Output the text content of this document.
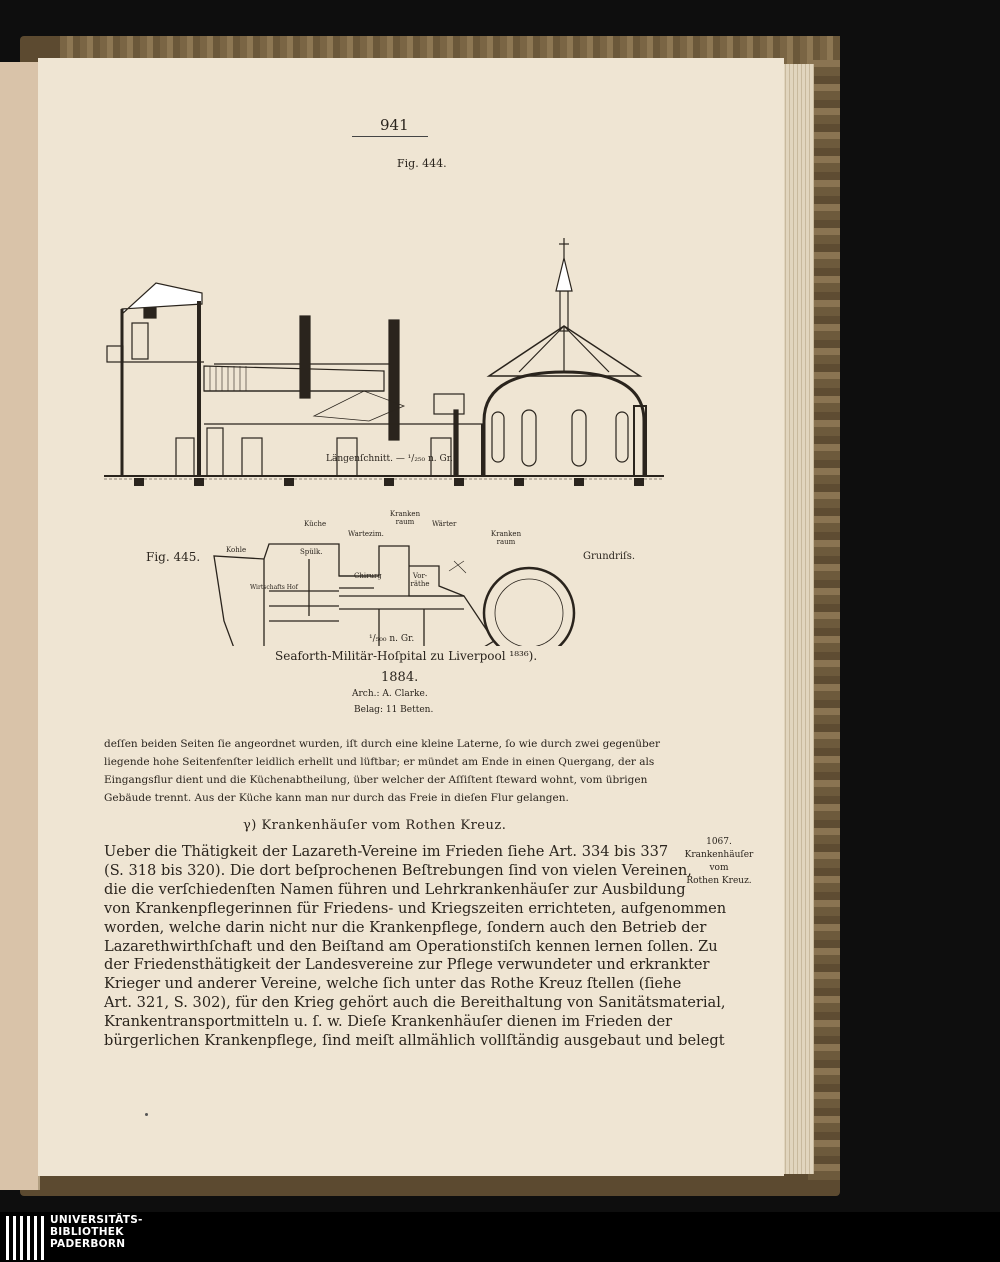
941
Fig. 444.
Längenſchnitt. — ¹/₂₅₀ n. Gr.
Küche
Kohle	Spülk.
Wirtschafts Hof
Kranken raum	Wärter
Wartezim.
Chirurg	Vor- räthe
Kranken raum
Fig. 445.	Grundriſs.
¹/₅₀₀ n. Gr.
Seaforth-Militär-Hoſpital zu Liverpool ¹⁸³⁶).
1884.
Arch.: A. Clarke.
Belag: 11 Betten.
deſſen beiden Seiten ſie angeordnet wurden, iſt durch eine kleine Laterne, ſo wie durch zwei gegenüber
liegende hohe Seitenfenſter leidlich erhellt und lüftbar; er mündet am Ende in einen Quergang, der als
Eingangsflur dient und die Küchenabtheilung, über welcher der Aſſiſtent ſteward wohnt, vom übrigen
Gebäude trennt. Aus der Küche kann man nur durch das Freie in dieſen Flur gelangen.
γ) Krankenhäuſer vom Rothen Kreuz.
Ueber die Thätigkeit der Lazareth-Vereine im Frieden ſiehe Art. 334 bis 337
(S. 318 bis 320). Die dort beſprochenen Beſtrebungen ſind von vielen Vereinen,
die die verſchiedenſten Namen führen und Lehrkrankenhäuſer zur Ausbildung
von Krankenpflegerinnen für Friedens- und Kriegszeiten errichteten, aufgenommen
worden, welche darin nicht nur die Krankenpflege, ſondern auch den Betrieb der
Lazarethwirthſchaft und den Beiſtand am Operationstiſch kennen lernen ſollen. Zu
der Friedensthätigkeit der Landesvereine zur Pflege verwundeter und erkrankter
Krieger und anderer Vereine, welche ſich unter das Rothe Kreuz ſtellen (ſiehe
Art. 321, S. 302), für den Krieg gehört auch die Bereithaltung von Sanitätsmaterial,
Krankentransportmitteln u. ſ. w. Dieſe Krankenhäuſer dienen im Frieden der
bürgerlichen Krankenpflege, ſind meiſt allmählich vollſtändig ausgebaut und belegt
1067.
Krankenhäuſer
vom
Rothen Kreuz.
UNIVERSITÄTS-
BIBLIOTHEK
PADERBORN
